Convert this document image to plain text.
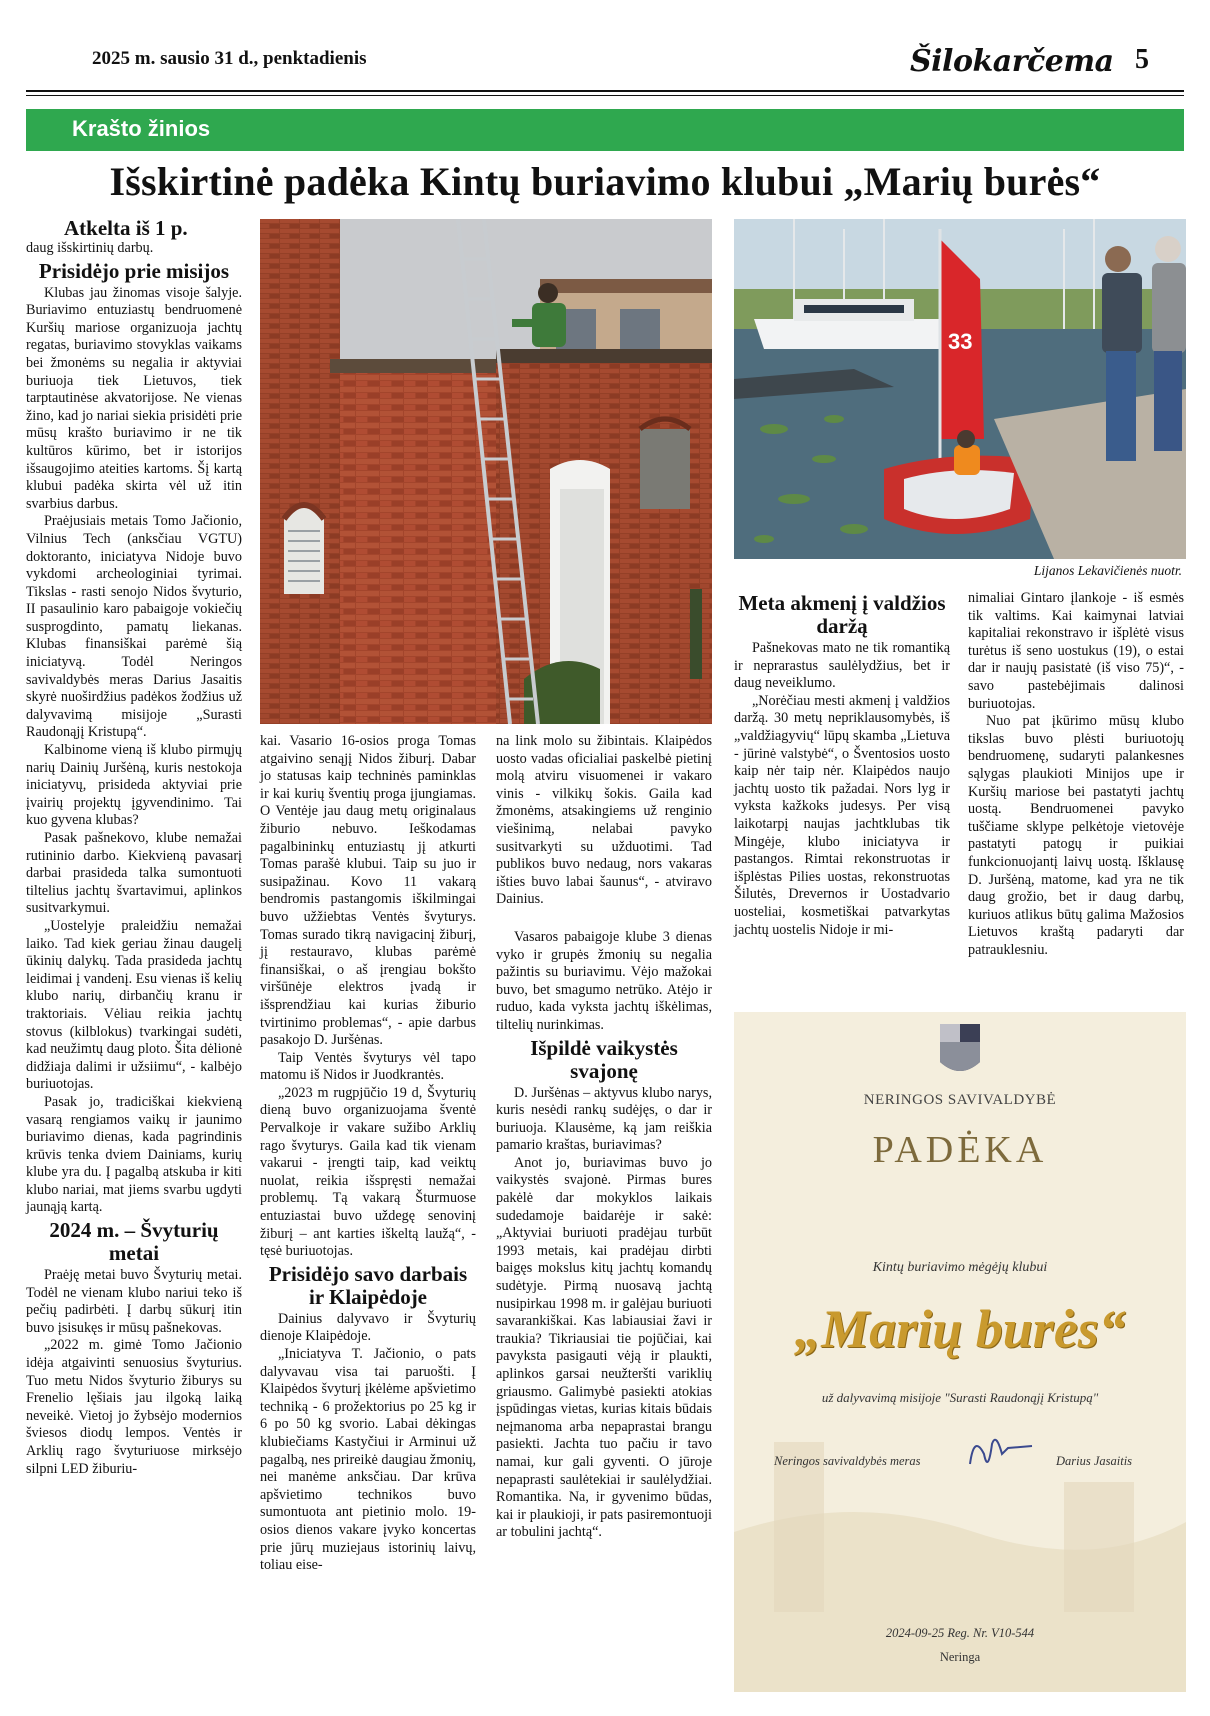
2025 m. sausio 31 d., penktadienis	Šilokarčema 5
Krašto žinios
Išskirtinė padėka Kintų buriavimo klubui „Marių burės“
Atkelta iš 1 p.

daug išskirtinių darbų.

Prisidėjo prie misijos

Klubas jau žinomas visoje šalyje. Buriavimo entuziastų bendruomenė Kuršių mariose organizuoja jachtų regatas, buriavimo stovyklas vaikams bei žmonėms su negalia ir aktyviai buriuoja tiek Lietuvos, tiek tarptautinėse akvatorijose. Ne vienas žino, kad jo nariai siekia prisidėti prie mūsų krašto buriavimo ir ne tik kultūros kūrimo, bet ir istorijos išsaugojimo ateities kartoms. Šį kartą klubui padėka skirta vėl už itin svarbius darbus.

Praėjusiais metais Tomo Jačionio, Vilnius Tech (anksčiau VGTU) doktoranto, iniciatyva Nidoje buvo vykdomi archeologiniai tyrimai. Tikslas - rasti senojo Nidos švyturio, II pasaulinio karo pabaigoje vokiečių susprogdinto, pamatų liekanas. Klubas finansiškai parėmė šią iniciatyvą. Todėl Neringos savivaldybės meras Darius Jasaitis skyrė nuoširdžius padėkos žodžius už dalyvavimą misijoje „Surasti Raudonąjį Kristupą“.

Kalbinome vieną iš klubo pirmųjų narių Dainių Juršėną, kuris nestokoja iniciatyvų, prisideda aktyviai prie įvairių projektų įgyvendinimo. Tai kuo gyvena klubas?

Pasak pašnekovo, klube nemažai rutininio darbo. Kiekvieną pavasarį darbai prasideda talka sumontuoti tiltelius jachtų švartavimui, aplinkos susitvarkymui.

„Uostelyje praleidžiu nemažai laiko. Tad kiek geriau žinau daugelį ūkinių dalykų. Tada prasideda jachtų leidimai į vandenį. Esu vienas iš kelių klubo narių, dirbančių kranu ir traktoriais. Vėliau reikia jachtų stovus (kilblokus) tvarkingai sudėti, kad neužimtų daug ploto. Šita dėlionė didžiaja dalimi ir užsiimu“, - kalbėjo buriuotojas.

Pasak jo, tradiciškai kiekvieną vasarą rengiamos vaikų ir jaunimo buriavimo dienas, kada pagrindinis krūvis tenka dviem Dainiams, kurių klube yra du. Į pagalbą atskuba ir kiti klubo nariai, mat jiems svarbu ugdyti jaunąją kartą.

2024 m. – Švyturių metai

Praėję metai buvo Švyturių metai. Todėl ne vienam klubo nariui teko iš pečių padirbėti. Į darbų sūkurį itin buvo įsisukęs ir mūsų pašnekovas.

„2022 m. gimė Tomo Jačionio idėja atgaivinti senuosius švyturius. Tuo metu Nidos švyturio žiburys su Frenelio lęšiais jau ilgoką laiką neveikė. Vietoj jo žybsėjo modernios šviesos diodų lempos. Ventės ir Arklių rago švyturiuose mirksėjo silpni LED žiburiu-

33
Lijanos Lekavičienės nuotr.

kai. Vasario 16-osios proga Tomas atgaivino senąjį Nidos žiburį. Dabar jo statusas kaip techninės paminklas ir kai kurių šventių proga įjungiamas. O Ventėje jau daug metų originalaus žiburio nebuvo. Ieškodamas pagalbininkų entuziastų jį atkurti Tomas parašė klubui. Taip su juo ir susipažinau. Kovo 11 vakarą bendromis pastangomis iškilmingai buvo užžiebtas Ventės švyturys. Tomas surado tikrą navigacinį žiburį, jį restauravo, klubas parėmė finansiškai, o aš įrengiau bokšto viršūnėje elektros įvadą ir išsprendžiau kai kurias žiburio tvirtinimo problemas“, - apie darbus pasakojo D. Juršėnas.

Taip Ventės švyturys vėl tapo matomu iš Nidos ir Juodkrantės.

„2023 m rugpjūčio 19 d, Švyturių dieną buvo organizuojama šventė Pervalkoje ir vakare sužibo Arklių rago švyturys. Gaila kad tik vienam vakarui - įrengti taip, kad veiktų nuolat, reikia išspręsti nemažai problemų. Tą vakarą Šturmuose entuziastai buvo uždegę senovinį žiburį – ant karties iškeltą laužą“, - tęsė buriuotojas.

Prisidėjo savo darbais ir Klaipėdoje

Dainius dalyvavo ir Švyturių dienoje Klaipėdoje.

„Iniciatyva T. Jačionio, o pats dalyvavau visa tai paruošti. Į Klaipėdos švyturį įkėlėme apšvietimo techniką - 6 prožektorius po 25 kg ir 6 po 50 kg svorio. Labai dėkingas klubiečiams Kastyčiui ir Arminui už pagalbą, nes prireikė daugiau žmonių, nei manėme anksčiau. Dar krūva apšvietimo technikos buvo sumontuota ant pietinio molo. 19-osios dienos vakare įvyko koncertas prie jūrų muziejaus istorinių laivų, toliau eise-

na link molo su žibintais. Klaipėdos uosto vadas oficialiai paskelbė pietinį molą atviru visuomenei ir vakaro vinis - vilkikų šokis. Gaila kad žmonėms, atsakingiems už renginio viešinimą, nelabai pavyko susitvarkyti su užduotimi. Tad publikos buvo nedaug, nors vakaras išties buvo labai šaunus“, - atviravo Dainius.

Vasaros pabaigoje klube 3 dienas vyko ir grupės žmonių su negalia pažintis su buriavimu. Vėjo mažokai buvo, bet smagumo netrūko. Atėjo ir ruduo, kada vyksta jachtų iškėlimas, tiltelių nurinkimas.

Išpildė vaikystės svajonę

D. Juršėnas – aktyvus klubo narys, kuris nesėdi rankų sudėjęs, o dar ir buriuoja. Klausėme, ką jam reiškia pamario kraštas, buriavimas?

Anot jo, buriavimas buvo jo vaikystės svajonė. Pirmas bures pakėlė dar mokyklos laikais sudedamoje baidarėje ir sakė: „Aktyviai buriuoti pradėjau turbūt 1993 metais, kai pradėjau dirbti baigęs mokslus kitų jachtų komandų sudėtyje. Pirmą nuosavą jachtą nusipirkau 1998 m. ir galėjau buriuoti savarankiškai. Kas labiausiai žavi ir traukia? Tikriausiai tie pojūčiai, kai pavyksta pasigauti vėją ir plaukti, aplinkos garsai neužteršti variklių griausmo. Galimybė pasiekti atokias įspūdingas vietas, kurias kitais būdais neįmanoma arba nepaprastai brangu pasiekti. Jachta tuo pačiu ir tavo namai, kur gali gyventi. O jūroje nepaprasti saulėtekiai ir saulėlydžiai. Romantika. Na, ir gyvenimo būdas, kai ir plaukioji, ir pats pasiremontuoji ar tobulini jachtą“.

Meta akmenį į valdžios daržą

Pašnekovas mato ne tik romantiką ir neprarastus saulėlydžius, bet ir daug neveiklumo.

„Norėčiau mesti akmenį į valdžios daržą. 30 metų nepriklausomybės, iš „valdžiagyvių“ lūpų skamba „Lietuva - jūrinė valstybė“, o Šventosios uosto kaip nėr taip nėr. Klaipėdos naujo jachtų uosto tik pažadai. Nors lyg ir vyksta kažkoks judesys. Per visą laikotarpį naujas jachtklubas tik Mingėje, klubo iniciatyva ir pastangos. Rimtai rekonstruotas ir išplėstas Pilies uostas, rekonstruotas Šilutės, Drevernos ir Uostadvario uosteliai, kosmetiškai patvarkytas jachtų uostelis Nidoje ir mi-

nimaliai Gintaro įlankoje - iš esmės tik valtims. Kai kaimynai latviai kapitaliai rekonstravo ir išplėtė visus turėtus iš seno uostukus (19), o estai dar ir naujų pasistatė (iš viso 75)“, - savo pastebėjimais dalinosi buriuotojas.

Nuo pat įkūrimo mūsų klubo tikslas buvo plėsti buriuotojų bendruomenę, sudaryti palankesnes sąlygas plaukioti Minijos upe ir Kuršių mariose bei pastatyti jachtų uostą. Bendruomenei pavyko tuščiame sklype pelkėtoje vietovėje pastatyti patogų ir puikiai funkcionuojantį laivų uostą. Išklausę D. Juršėną, matome, kad yra ne tik daug grožio, bet ir daug darbų, kuriuos atlikus būtų galima Mažosios Lietuvos kraštą padaryti dar patrauklesniu.

NERINGOS SAVIVALDYBĖ
PADĖKA
Kintų buriavimo mėgėjų klubui
„Marių burės“
už dalyvavimą misijoje "Surasti Raudonąjį Kristupą"
Neringos savivaldybės meras	Darius Jasaitis
2024-09-25 Reg. Nr. V10-544
Neringa
